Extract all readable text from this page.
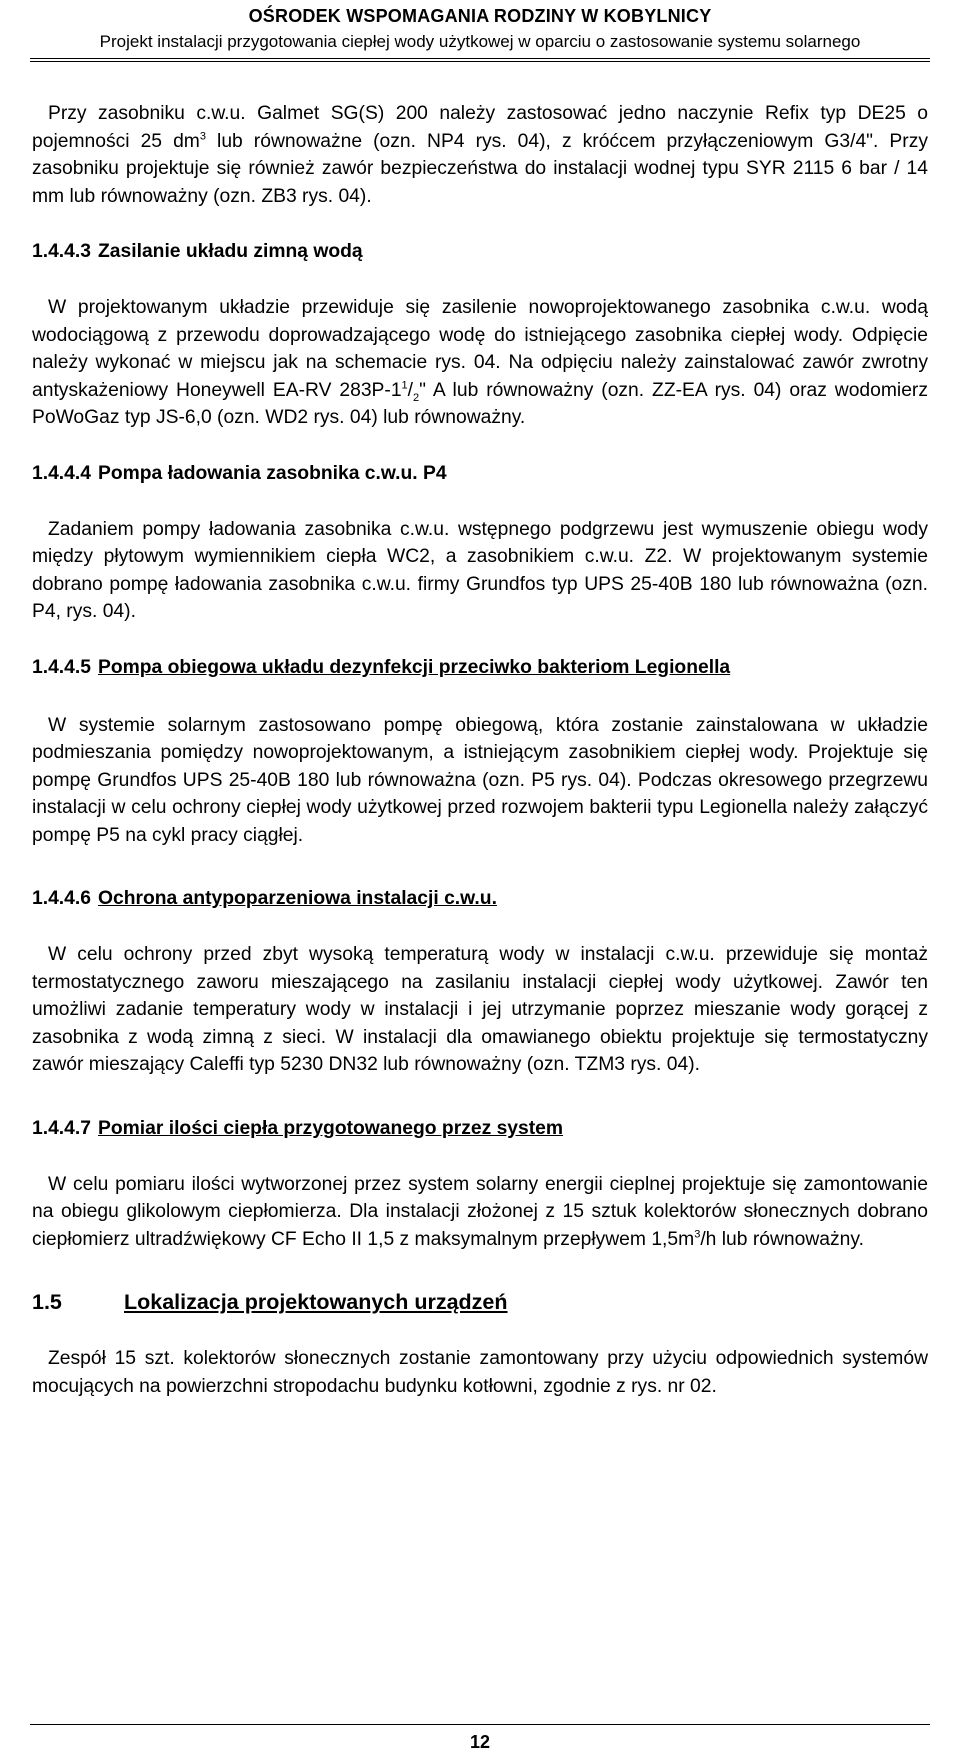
OŚRODEK WSPOMAGANIA RODZINY W KOBYLNICY
Projekt instalacji przygotowania ciepłej wody użytkowej w oparciu o zastosowanie systemu solarnego

Przy zasobniku c.w.u. Galmet SG(S) 200 należy zastosować jedno naczynie Refix typ DE25 o pojemności 25 $dm^3$ lub równoważne (ozn. NP4 rys. 04), z króćcem przyłączeniowym G3/4". Przy zasobniku projektuje się również zawór bezpieczeństwa do instalacji wodnej typu SYR 2115 6 bar / 14 mm lub równoważny (ozn. ZB3 rys. 04).

1.4.4.3 Zasilanie układu zimną wodą

W projektowanym układzie przewiduje się zasilenie nowoprojektowanego zasobnika c.w.u. wodą wodociągową z przewodu doprowadzającego wodę do istniejącego zasobnika ciepłej wody. Odpięcie należy wykonać w miejscu jak na schemacie rys. 04. Na odpięciu należy zainstalować zawór zwrotny antyskażeniowy Honeywell EA-RV $283P-1^1/_2$" A lub równoważny (ozn. ZZ-EA rys. 04) oraz wodomierz PoWoGaz typ JS-6,0 (ozn. WD2 rys. 04) lub równoważny.

1.4.4.4 Pompa ładowania zasobnika c.w.u. P4

Zadaniem pompy ładowania zasobnika c.w.u. wstępnego podgrzewu jest wymuszenie obiegu wody między płytowym wymiennikiem ciepła WC2, a zasobnikiem c.w.u. Z2. W projektowanym systemie dobrano pompę ładowania zasobnika c.w.u. firmy Grundfos typ UPS 25-40B 180 lub równoważna (ozn. P4, rys. 04).

1.4.4.5 Pompa obiegowa układu dezynfekcji przeciwko bakteriom Legionella

W systemie solarnym zastosowano pompę obiegową, która zostanie zainstalowana w układzie podmieszania pomiędzy nowoprojektowanym, a istniejącym zasobnikiem ciepłej wody. Projektuje się pompę Grundfos UPS 25-40B 180 lub równoważna (ozn. P5 rys. 04). Podczas okresowego przegrzewu instalacji w celu ochrony ciepłej wody użytkowej przed rozwojem bakterii typu Legionella należy załączyć pompę P5 na cykl pracy ciągłej.

1.4.4.6 Ochrona antypoparzeniowa instalacji c.w.u.

W celu ochrony przed zbyt wysoką temperaturą wody w instalacji c.w.u. przewiduje się montaż termostatycznego zaworu mieszającego na zasilaniu instalacji ciepłej wody użytkowej. Zawór ten umożliwi zadanie temperatury wody w instalacji i jej utrzymanie poprzez mieszanie wody gorącej z zasobnika z wodą zimną z sieci. W instalacji dla omawianego obiektu projektuje się termostatyczny zawór mieszający Caleffi typ 5230 DN32 lub równoważny (ozn. TZM3 rys. 04).

1.4.4.7 Pomiar ilości ciepła przygotowanego przez system

W celu pomiaru ilości wytworzonej przez system solarny energii cieplnej projektuje się zamontowanie na obiegu glikolowym ciepłomierza. Dla instalacji złożonej z 15 sztuk kolektorów słonecznych dobrano ciepłomierz ultradźwiękowy CF Echo II 1,5 z maksymalnym przepływem $1,5m^3/h$ lub równoważny.

1.5	Lokalizacja projektowanych urządzeń

Zespół 15 szt. kolektorów słonecznych zostanie zamontowany przy użyciu odpowiednich systemów mocujących na powierzchni stropodachu budynku kotłowni, zgodnie z rys. nr 02.

12
